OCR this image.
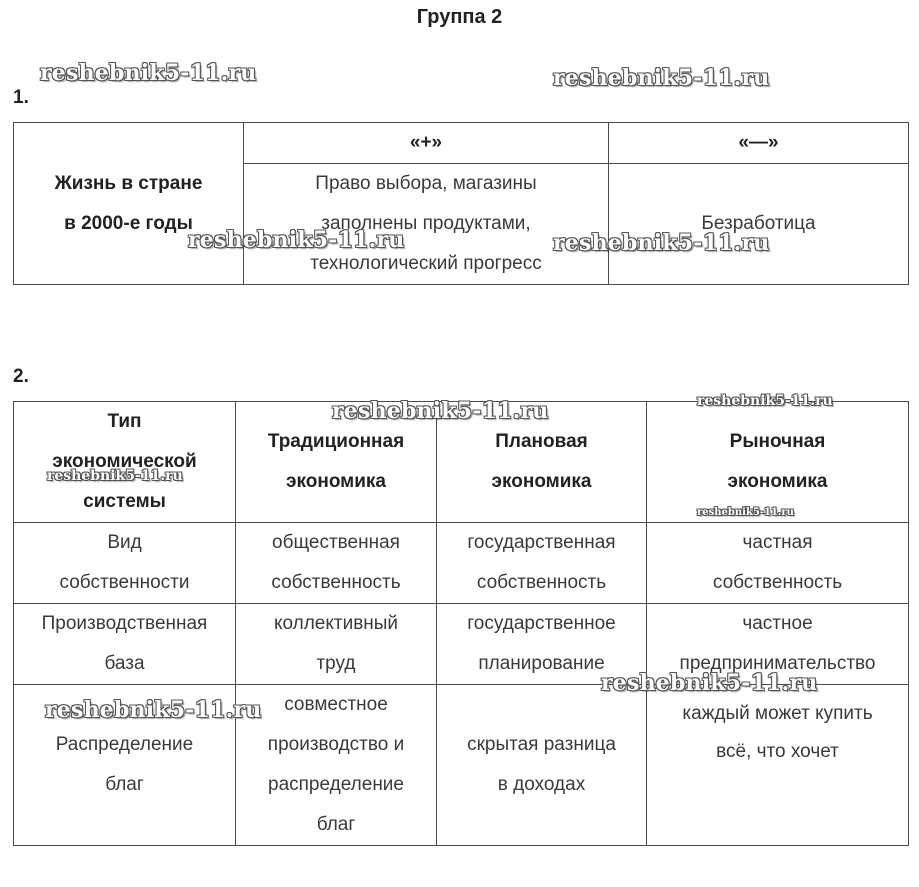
Группа 2
1.
Жизнь в стране
в 2000-е годы	«+»	«—»

	Право выбора, магазины
заполнены продуктами,
технологический прогресс	Безработица
2.
Тип
экономической
системы	Традиционная
экономика	Плановая
экономика	Рыночная
экономика

Вид
собственности	общественная
собственность	государственная
собственность	частная
собственность

Производственная
база	коллективный
труд	государственное
планирование	частное
предпринимательство

Распределение
благ	совместное
производство и
распределение
благ	скрытая разница
в доходах	каждый может купить
всё, что хочет
reshebnik5-11.ru	reshebnik5-11.ru
reshebnik5-11.ru	reshebnik5-11.ru
reshebnik5-11.ru	reshebnik5-11.ru
reshebnik5-11.ru
reshebnik5-11.ru
reshebnik5-11.ru
reshebnik5-11.ru
